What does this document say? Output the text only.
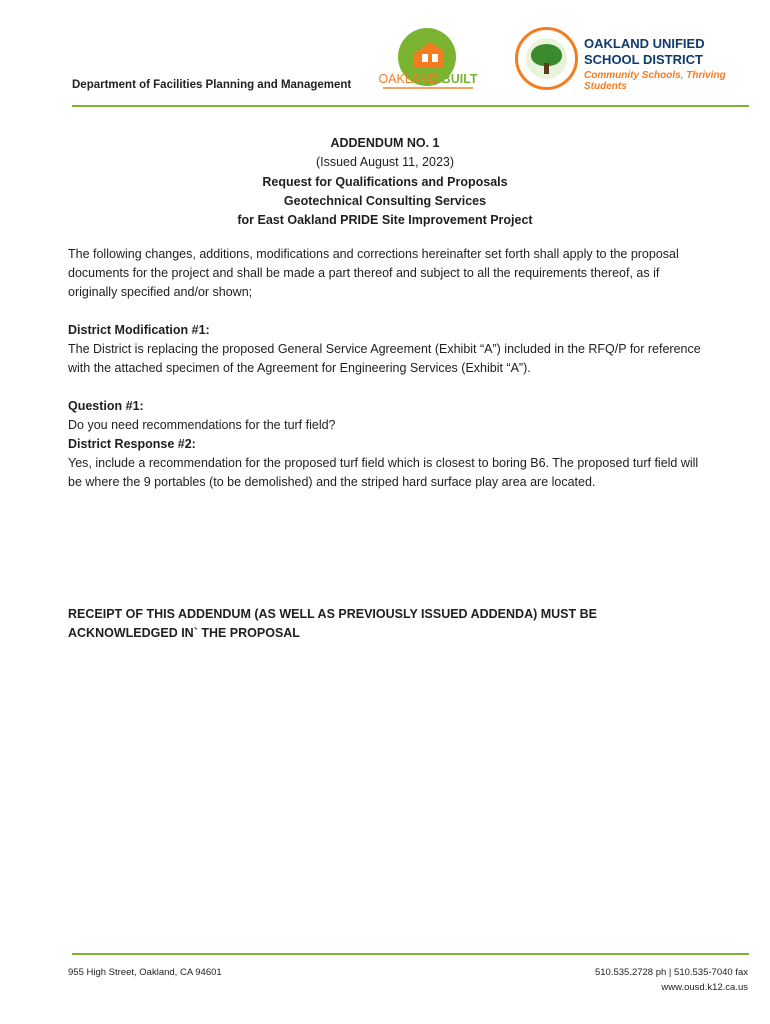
Department of Facilities Planning and Management	OAKLAND BUILT
OAKLAND UNIFIED
SCHOOL DISTRICT
Community Schools, Thriving Students
ADDENDUM NO. 1
(Issued August 11, 2023)
Request for Qualifications and Proposals
Geotechnical Consulting Services
for East Oakland PRIDE Site Improvement Project
The following changes, additions, modifications and corrections hereinafter set forth shall apply to the proposal documents for the project and shall be made a part thereof and subject to all the requirements thereof, as if originally specified and/or shown;
District Modification #1:
The District is replacing the proposed General Service Agreement (Exhibit “A”) included in the RFQ/P for reference with the attached specimen of the Agreement for Engineering Services (Exhibit “A”).
Question #1:
Do you need recommendations for the turf field?
District Response #2:
Yes, include a recommendation for the proposed turf field which is closest to boring B6. The proposed turf field will be where the 9 portables (to be demolished) and the striped hard surface play area are located.
RECEIPT OF THIS ADDENDUM (AS WELL AS PREVIOUSLY ISSUED ADDENDA) MUST BE ACKNOWLEDGED IN` THE PROPOSAL
955 High Street, Oakland, CA 94601	510.535.2728 ph | 510.535-7040 fax
www.ousd.k12.ca.us
